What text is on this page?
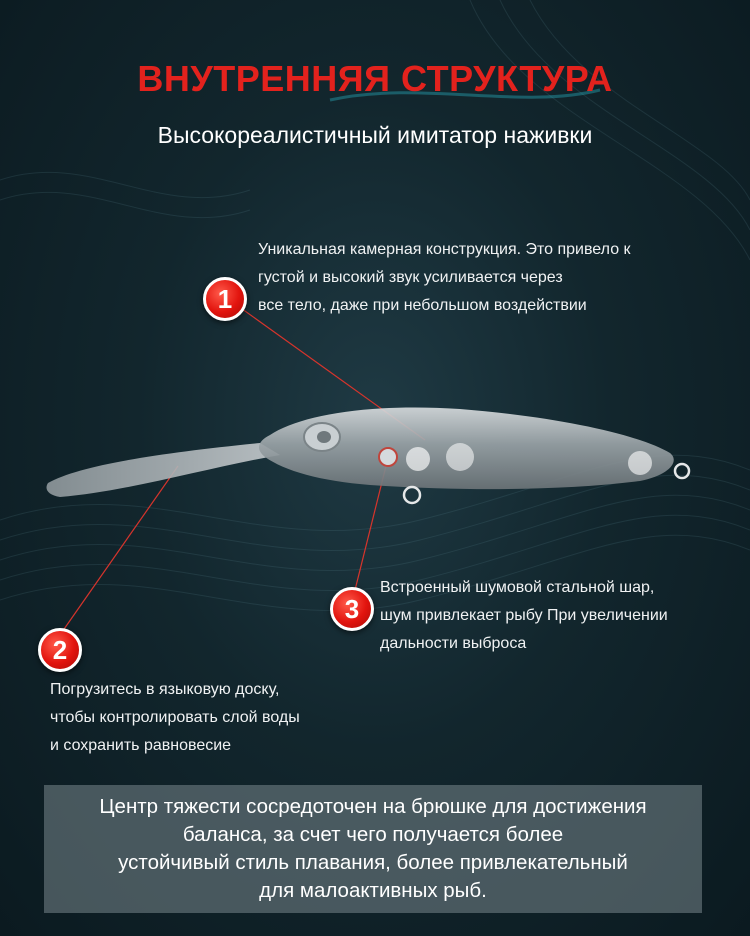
ВНУТРЕННЯЯ СТРУКТУРА
Высокореалистичный имитатор наживки
1
2
3
Уникальная камерная конструкция. Это привело к
густой и высокий звук усиливается через
все тело, даже при небольшом воздействии
Встроенный шумовой стальной шар,
шум привлекает рыбу При увеличении
дальности выброса
Погрузитесь в языковую доску,
чтобы контролировать слой воды
и сохранить равновесие
Центр тяжести сосредоточен на брюшке для достижения
баланса, за счет чего получается более
устойчивый стиль плавания, более привлекательный
для малоактивных рыб.
